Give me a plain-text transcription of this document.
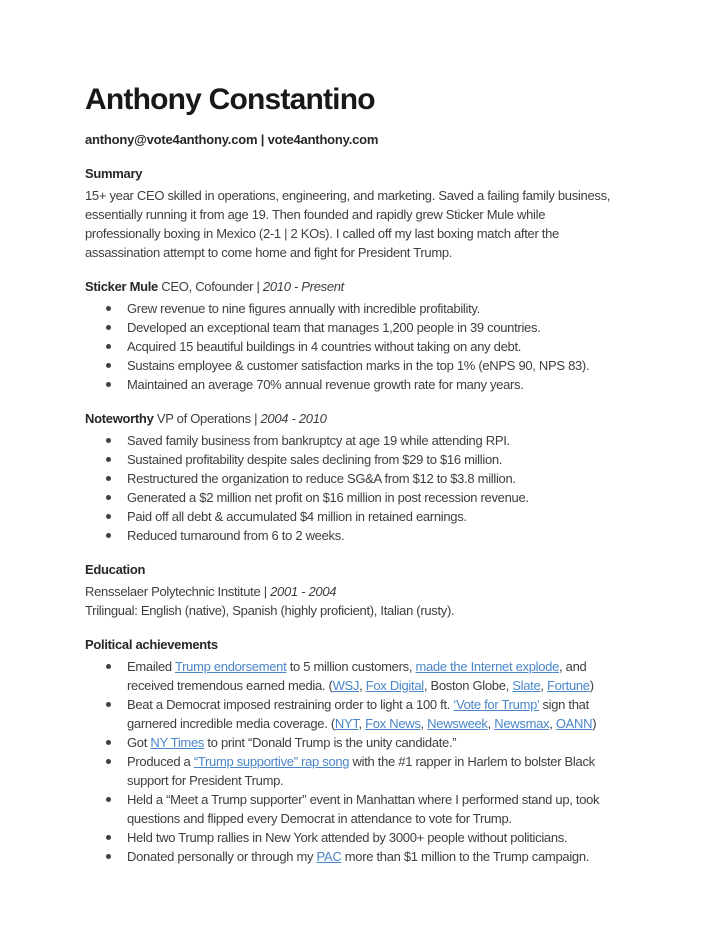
Anthony Constantino
anthony@vote4anthony.com | vote4anthony.com
Summary
15+ year CEO skilled in operations, engineering, and marketing. Saved a failing family business,
essentially running it from age 19. Then founded and rapidly grew Sticker Mule while
professionally boxing in Mexico (2-1 | 2 KOs). I called off my last boxing match after the
assassination attempt to come home and fight for President Trump.
Sticker Mule CEO, Cofounder | 2010 - Present
Grew revenue to nine figures annually with incredible profitability.
Developed an exceptional team that manages 1,200 people in 39 countries.
Acquired 15 beautiful buildings in 4 countries without taking on any debt.
Sustains employee & customer satisfaction marks in the top 1% (eNPS 90, NPS 83).
Maintained an average 70% annual revenue growth rate for many years.
Noteworthy VP of Operations | 2004 - 2010
Saved family business from bankruptcy at age 19 while attending RPI.
Sustained profitability despite sales declining from $29 to $16 million.
Restructured the organization to reduce SG&A from $12 to $3.8 million.
Generated a $2 million net profit on $16 million in post recession revenue.
Paid off all debt & accumulated $4 million in retained earnings.
Reduced turnaround from 6 to 2 weeks.
Education
Rensselaer Polytechnic Institute | 2001 - 2004
Trilingual: English (native), Spanish (highly proficient), Italian (rusty).
Political achievements
Emailed Trump endorsement to 5 million customers, made the Internet explode, and
received tremendous earned media. (WSJ, Fox Digital, Boston Globe, Slate, Fortune)
Beat a Democrat imposed restraining order to light a 100 ft. ‘Vote for Trump’ sign that
garnered incredible media coverage. (NYT, Fox News, Newsweek, Newsmax, OANN)
Got NY Times to print “Donald Trump is the unity candidate.”
Produced a “Trump supportive” rap song with the #1 rapper in Harlem to bolster Black
support for President Trump.
Held a “Meet a Trump supporter” event in Manhattan where I performed stand up, took
questions and flipped every Democrat in attendance to vote for Trump.
Held two Trump rallies in New York attended by 3000+ people without politicians.
Donated personally or through my PAC more than $1 million to the Trump campaign.
